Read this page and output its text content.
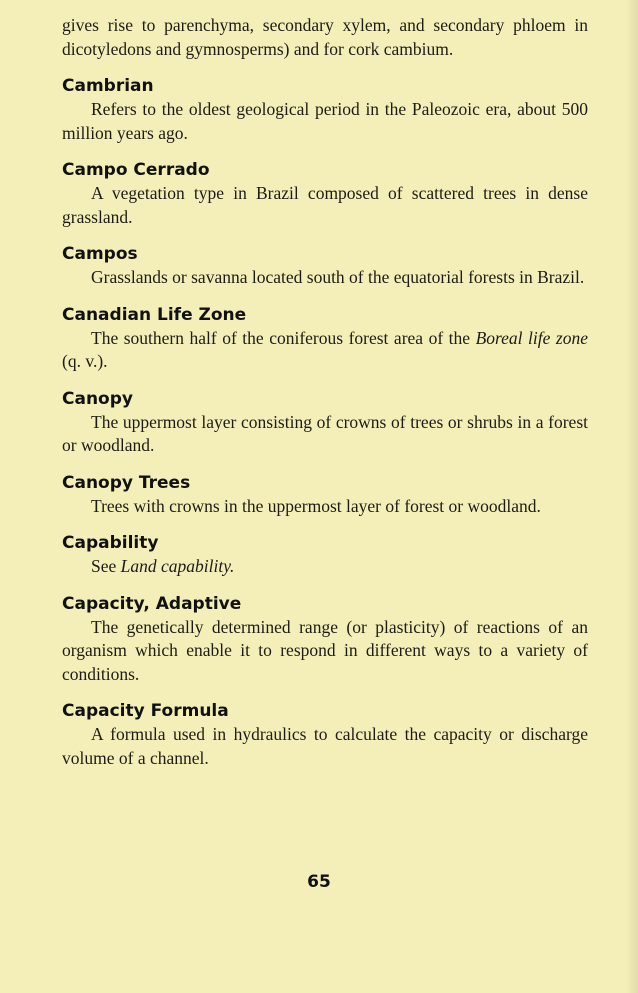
gives rise to parenchyma, secondary xylem, and secondary phloem in dicotyledons and gymnosperms) and for cork cambium.

Cambrian

Refers to the oldest geological period in the Paleozoic era, about 500 million years ago.

Campo Cerrado

A vegetation type in Brazil composed of scattered trees in dense grassland.

Campos

Grasslands or savanna located south of the equatorial forests in Brazil.

Canadian Life Zone

The southern half of the coniferous forest area of the Boreal life zone (q. v.).

Canopy

The uppermost layer consisting of crowns of trees or shrubs in a forest or woodland.

Canopy Trees

Trees with crowns in the uppermost layer of forest or woodland.

Capability

See Land capability.

Capacity, Adaptive

The genetically determined range (or plasticity) of reactions of an organism which enable it to respond in different ways to a variety of conditions.

Capacity Formula

A formula used in hydraulics to calculate the capacity or discharge volume of a channel.

65
